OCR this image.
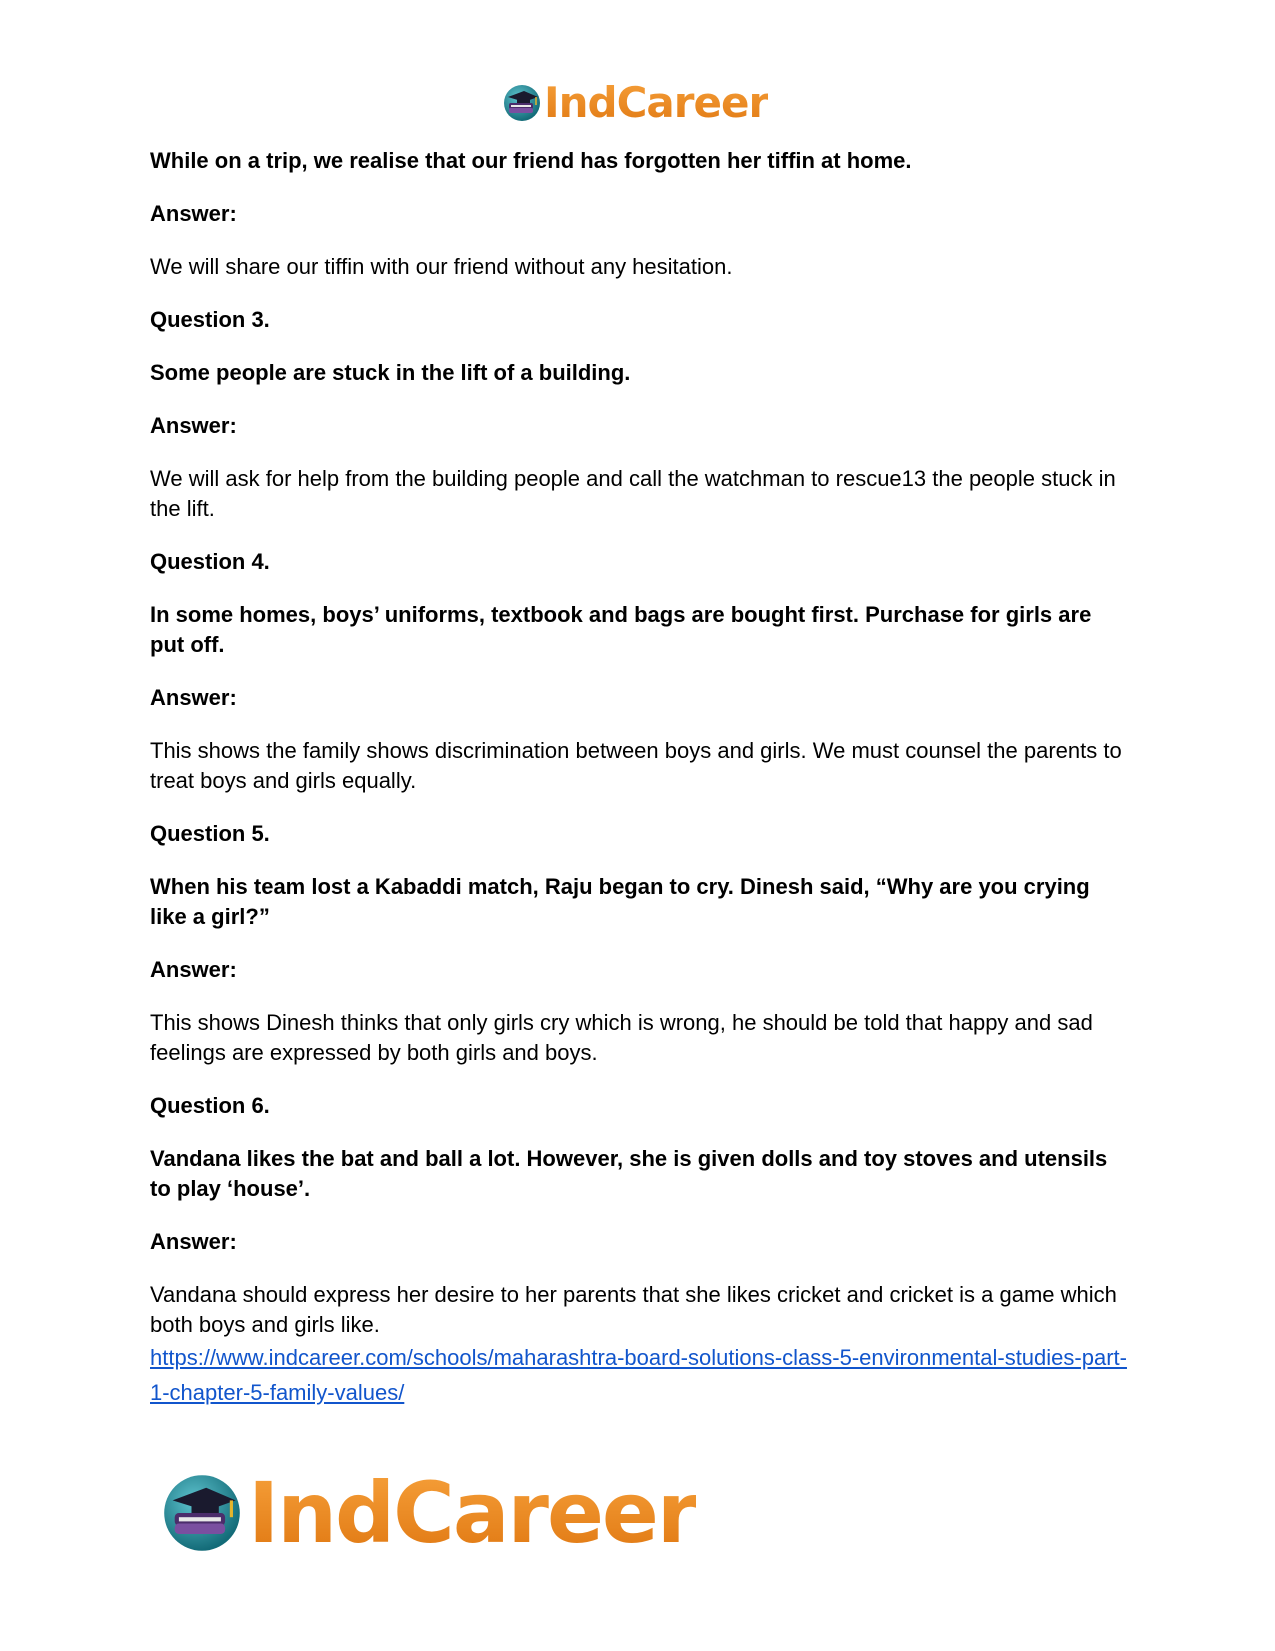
IndCareer

While on a trip, we realise that our friend has forgotten her tiffin at home.

Answer:

We will share our tiffin with our friend without any hesitation.

Question 3.

Some people are stuck in the lift of a building.

Answer:

We will ask for help from the building people and call the watchman to rescue13 the people stuck in the lift.

Question 4.

In some homes, boys’ uniforms, textbook and bags are bought first. Purchase for girls are put off.

Answer:

This shows the family shows discrimination between boys and girls. We must counsel the parents to treat boys and girls equally.

Question 5.

When his team lost a Kabaddi match, Raju began to cry. Dinesh said, “Why are you crying like a girl?”

Answer:

This shows Dinesh thinks that only girls cry which is wrong, he should be told that happy and sad feelings are expressed by both girls and boys.

Question 6.

Vandana likes the bat and ball a lot. However, she is given dolls and toy stoves and utensils to play ‘house’.

Answer:

Vandana should express her desire to her parents that she likes cricket and cricket is a game which both boys and girls like.

https://www.indcareer.com/schools/maharashtra-board-solutions-class-5-environmental-studies-part-1-chapter-5-family-values/
IndCareer
